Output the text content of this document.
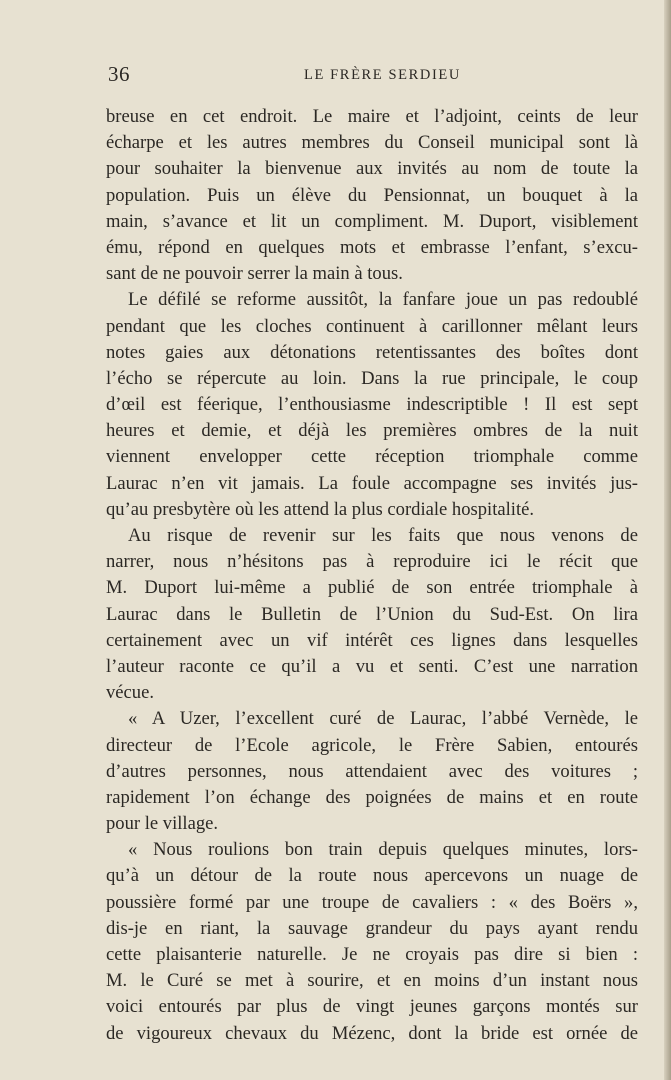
36	LE FRÈRE SERDIEU
breuse en cet endroit. Le maire et l’adjoint, ceints de leur
écharpe et les autres membres du Conseil municipal sont là
pour souhaiter la bienvenue aux invités au nom de toute la
population. Puis un élève du Pensionnat, un bouquet à la
main, s’avance et lit un compliment. M. Duport, visiblement
ému, répond en quelques mots et embrasse l’enfant, s’excu-
sant de ne pouvoir serrer la main à tous.
Le défilé se reforme aussitôt, la fanfare joue un pas redoublé
pendant que les cloches continuent à carillonner mêlant leurs
notes gaies aux détonations retentissantes des boîtes dont
l’écho se répercute au loin. Dans la rue principale, le coup
d’œil est féerique, l’enthousiasme indescriptible ! Il est sept
heures et demie, et déjà les premières ombres de la nuit
viennent envelopper cette réception triomphale comme
Laurac n’en vit jamais. La foule accompagne ses invités jus-
qu’au presbytère où les attend la plus cordiale hospitalité.
Au risque de revenir sur les faits que nous venons de
narrer, nous n’hésitons pas à reproduire ici le récit que
M. Duport lui-même a publié de son entrée triomphale à
Laurac dans le Bulletin de l’Union du Sud-Est. On lira
certainement avec un vif intérêt ces lignes dans lesquelles
l’auteur raconte ce qu’il a vu et senti. C’est une narration
vécue.
« A Uzer, l’excellent curé de Laurac, l’abbé Vernède, le
directeur de l’Ecole agricole, le Frère Sabien, entourés
d’autres personnes, nous attendaient avec des voitures ;
rapidement l’on échange des poignées de mains et en route
pour le village.
« Nous roulions bon train depuis quelques minutes, lors-
qu’à un détour de la route nous apercevons un nuage de
poussière formé par une troupe de cavaliers : « des Boërs »,
dis-je en riant, la sauvage grandeur du pays ayant rendu
cette plaisanterie naturelle. Je ne croyais pas dire si bien :
M. le Curé se met à sourire, et en moins d’un instant nous
voici entourés par plus de vingt jeunes garçons montés sur
de vigoureux chevaux du Mézenc, dont la bride est ornée de
